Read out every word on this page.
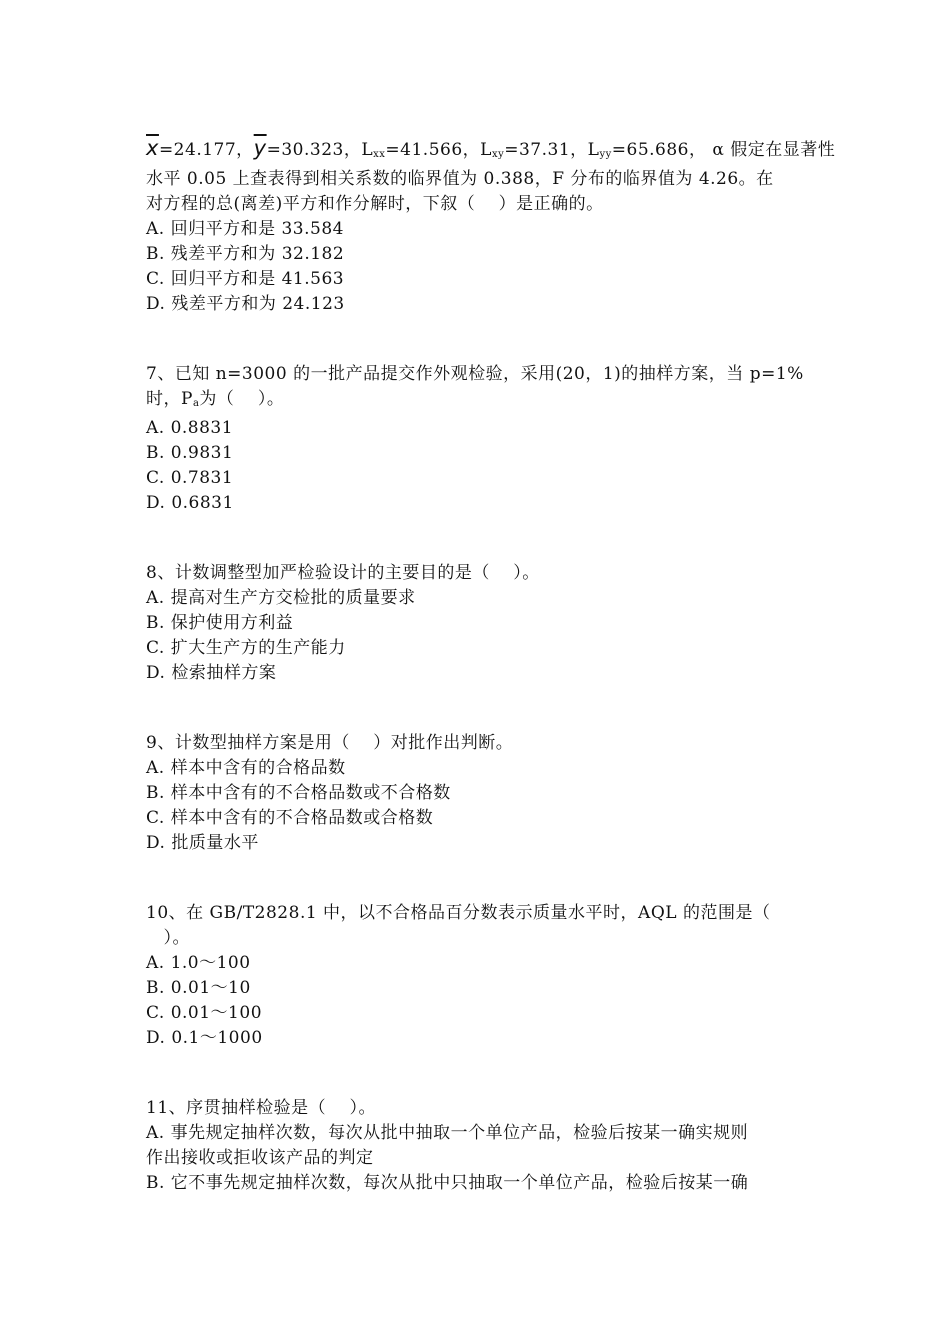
$\overline{x}=24.177$，$\overline{y}=30.323$，$L_{xx}=41.566$，$L_{xy}=37.31$，$L_{yy}=65.686$， α 假定在显著性
水平 0.05 上查表得到相关系数的临界值为 0.388，F 分布的临界值为 4.26。在
对方程的总(离差)平方和作分解时，下叙（　 ）是正确的。
A. 回归平方和是 33.584
B. 残差平方和为 32.182
C. 回归平方和是 41.563
D. 残差平方和为 24.123
7、已知 n=3000 的一批产品提交作外观检验，采用(20，1)的抽样方案，当 p=1%
时，$P_a$为（　 ）。
A. 0.8831
B. 0.9831
C. 0.7831
D. 0.6831
8、计数调整型加严检验设计的主要目的是（　 ）。
A. 提高对生产方交检批的质量要求
B. 保护使用方利益
C. 扩大生产方的生产能力
D. 检索抽样方案
9、计数型抽样方案是用（　 ）对批作出判断。
A. 样本中含有的合格品数
B. 样本中含有的不合格品数或不合格数
C. 样本中含有的不合格品数或合格数
D. 批质量水平
10、在 GB/T2828.1 中，以不合格品百分数表示质量水平时，AQL 的范围是（
　）。
A. 1.0～100
B. 0.01～10
C. 0.01～100
D. 0.1～1000
11、序贯抽样检验是（　 ）。
A. 事先规定抽样次数，每次从批中抽取一个单位产品，检验后按某一确实规则
作出接收或拒收该产品的判定
B. 它不事先规定抽样次数，每次从批中只抽取一个单位产品，检验后按某一确
